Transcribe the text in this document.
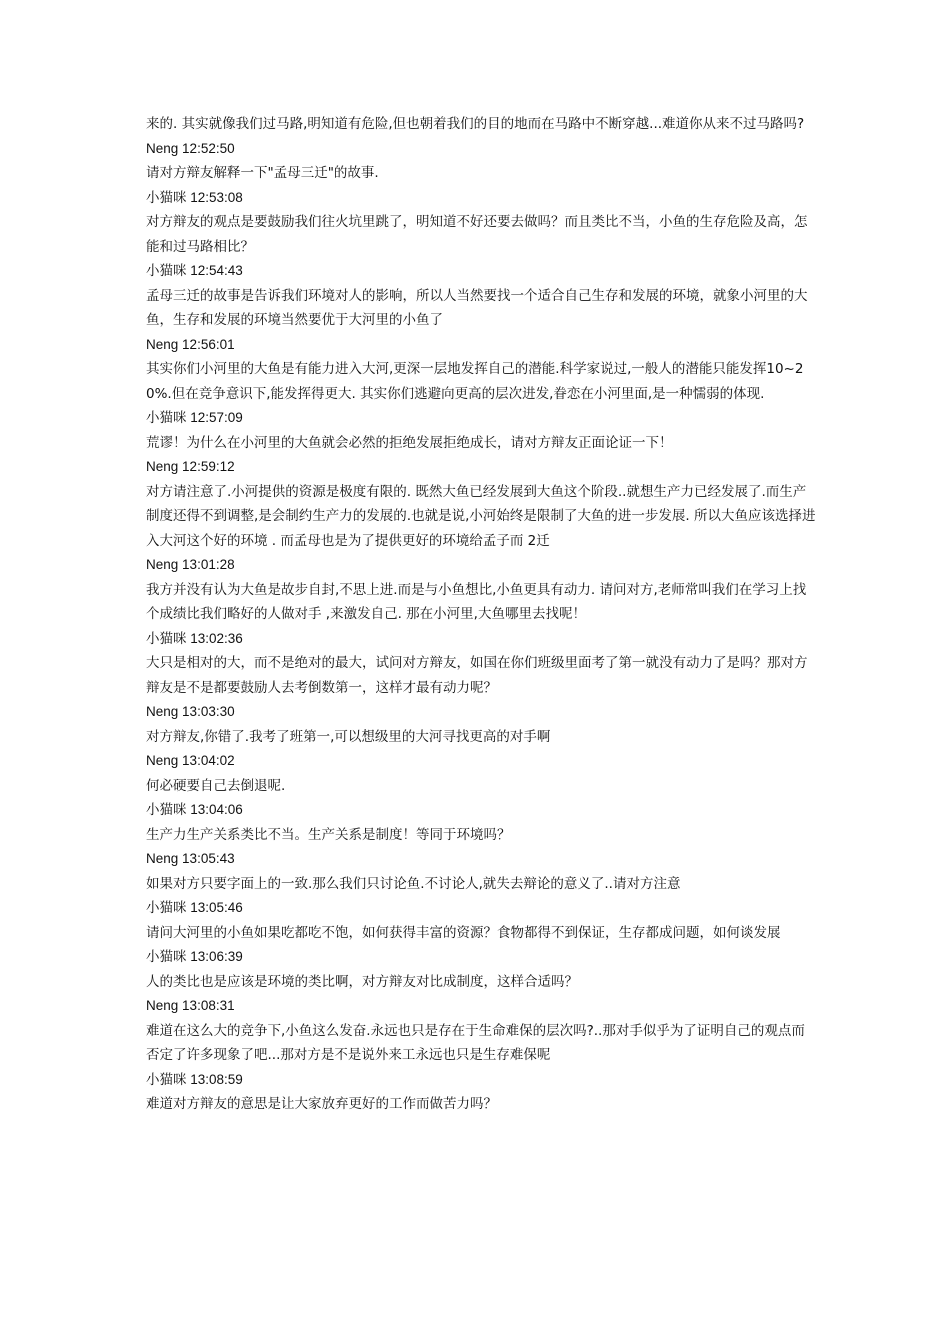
来的. 其实就像我们过马路,明知道有危险,但也朝着我们的目的地而在马路中不断穿越...难道你从来不过马路吗?

Neng 12:52:50

请对方辩友解释一下"孟母三迁"的故事.

小猫咪 12:53:08

对方辩友的观点是要鼓励我们往火坑里跳了，明知道不好还要去做吗？而且类比不当，小鱼的生存危险及高，怎能和过马路相比？

小猫咪 12:54:43

孟母三迁的故事是告诉我们环境对人的影响，所以人当然要找一个适合自己生存和发展的环境，就象小河里的大鱼，生存和发展的环境当然要优于大河里的小鱼了

Neng 12:56:01

其实你们小河里的大鱼是有能力进入大河,更深一层地发挥自己的潜能.科学家说过,一般人的潜能只能发挥10~20%.但在竞争意识下,能发挥得更大. 其实你们逃避向更高的层次进发,眷恋在小河里面,是一种懦弱的体现.

小猫咪 12:57:09

荒谬！为什么在小河里的大鱼就会必然的拒绝发展拒绝成长，请对方辩友正面论证一下！

Neng 12:59:12

对方请注意了.小河提供的资源是极度有限的. 既然大鱼已经发展到大鱼这个阶段..就想生产力已经发展了.而生产制度还得不到调整,是会制约生产力的发展的.也就是说,小河始终是限制了大鱼的进一步发展. 所以大鱼应该选择进入大河这个好的环境 . 而孟母也是为了提供更好的环境给孟子而 2迁

Neng 13:01:28

我方并没有认为大鱼是故步自封,不思上进.而是与小鱼想比,小鱼更具有动力. 请问对方,老师常叫我们在学习上找个成绩比我们略好的人做对手 ,来激发自己. 那在小河里,大鱼哪里去找呢！

小猫咪 13:02:36

大只是相对的大，而不是绝对的最大，试问对方辩友，如国在你们班级里面考了第一就没有动力了是吗？那对方辩友是不是都要鼓励人去考倒数第一，这样才最有动力呢？

Neng 13:03:30

对方辩友,你错了.我考了班第一,可以想级里的大河寻找更高的对手啊

Neng 13:04:02

何必硬要自己去倒退呢.

小猫咪 13:04:06

生产力生产关系类比不当。生产关系是制度！等同于环境吗？

Neng 13:05:43

如果对方只要字面上的一致.那么我们只讨论鱼.不讨论人,就失去辩论的意义了..请对方注意

小猫咪 13:05:46

请问大河里的小鱼如果吃都吃不饱，如何获得丰富的资源？食物都得不到保证，生存都成问题，如何谈发展

小猫咪 13:06:39

人的类比也是应该是环境的类比啊，对方辩友对比成制度，这样合适吗？

Neng 13:08:31

难道在这么大的竞争下,小鱼这么发奋.永远也只是存在于生命难保的层次吗?..那对手似乎为了证明自己的观点而否定了许多现象了吧...那对方是不是说外来工永远也只是生存难保呢

小猫咪 13:08:59

难道对方辩友的意思是让大家放弃更好的工作而做苦力吗？
